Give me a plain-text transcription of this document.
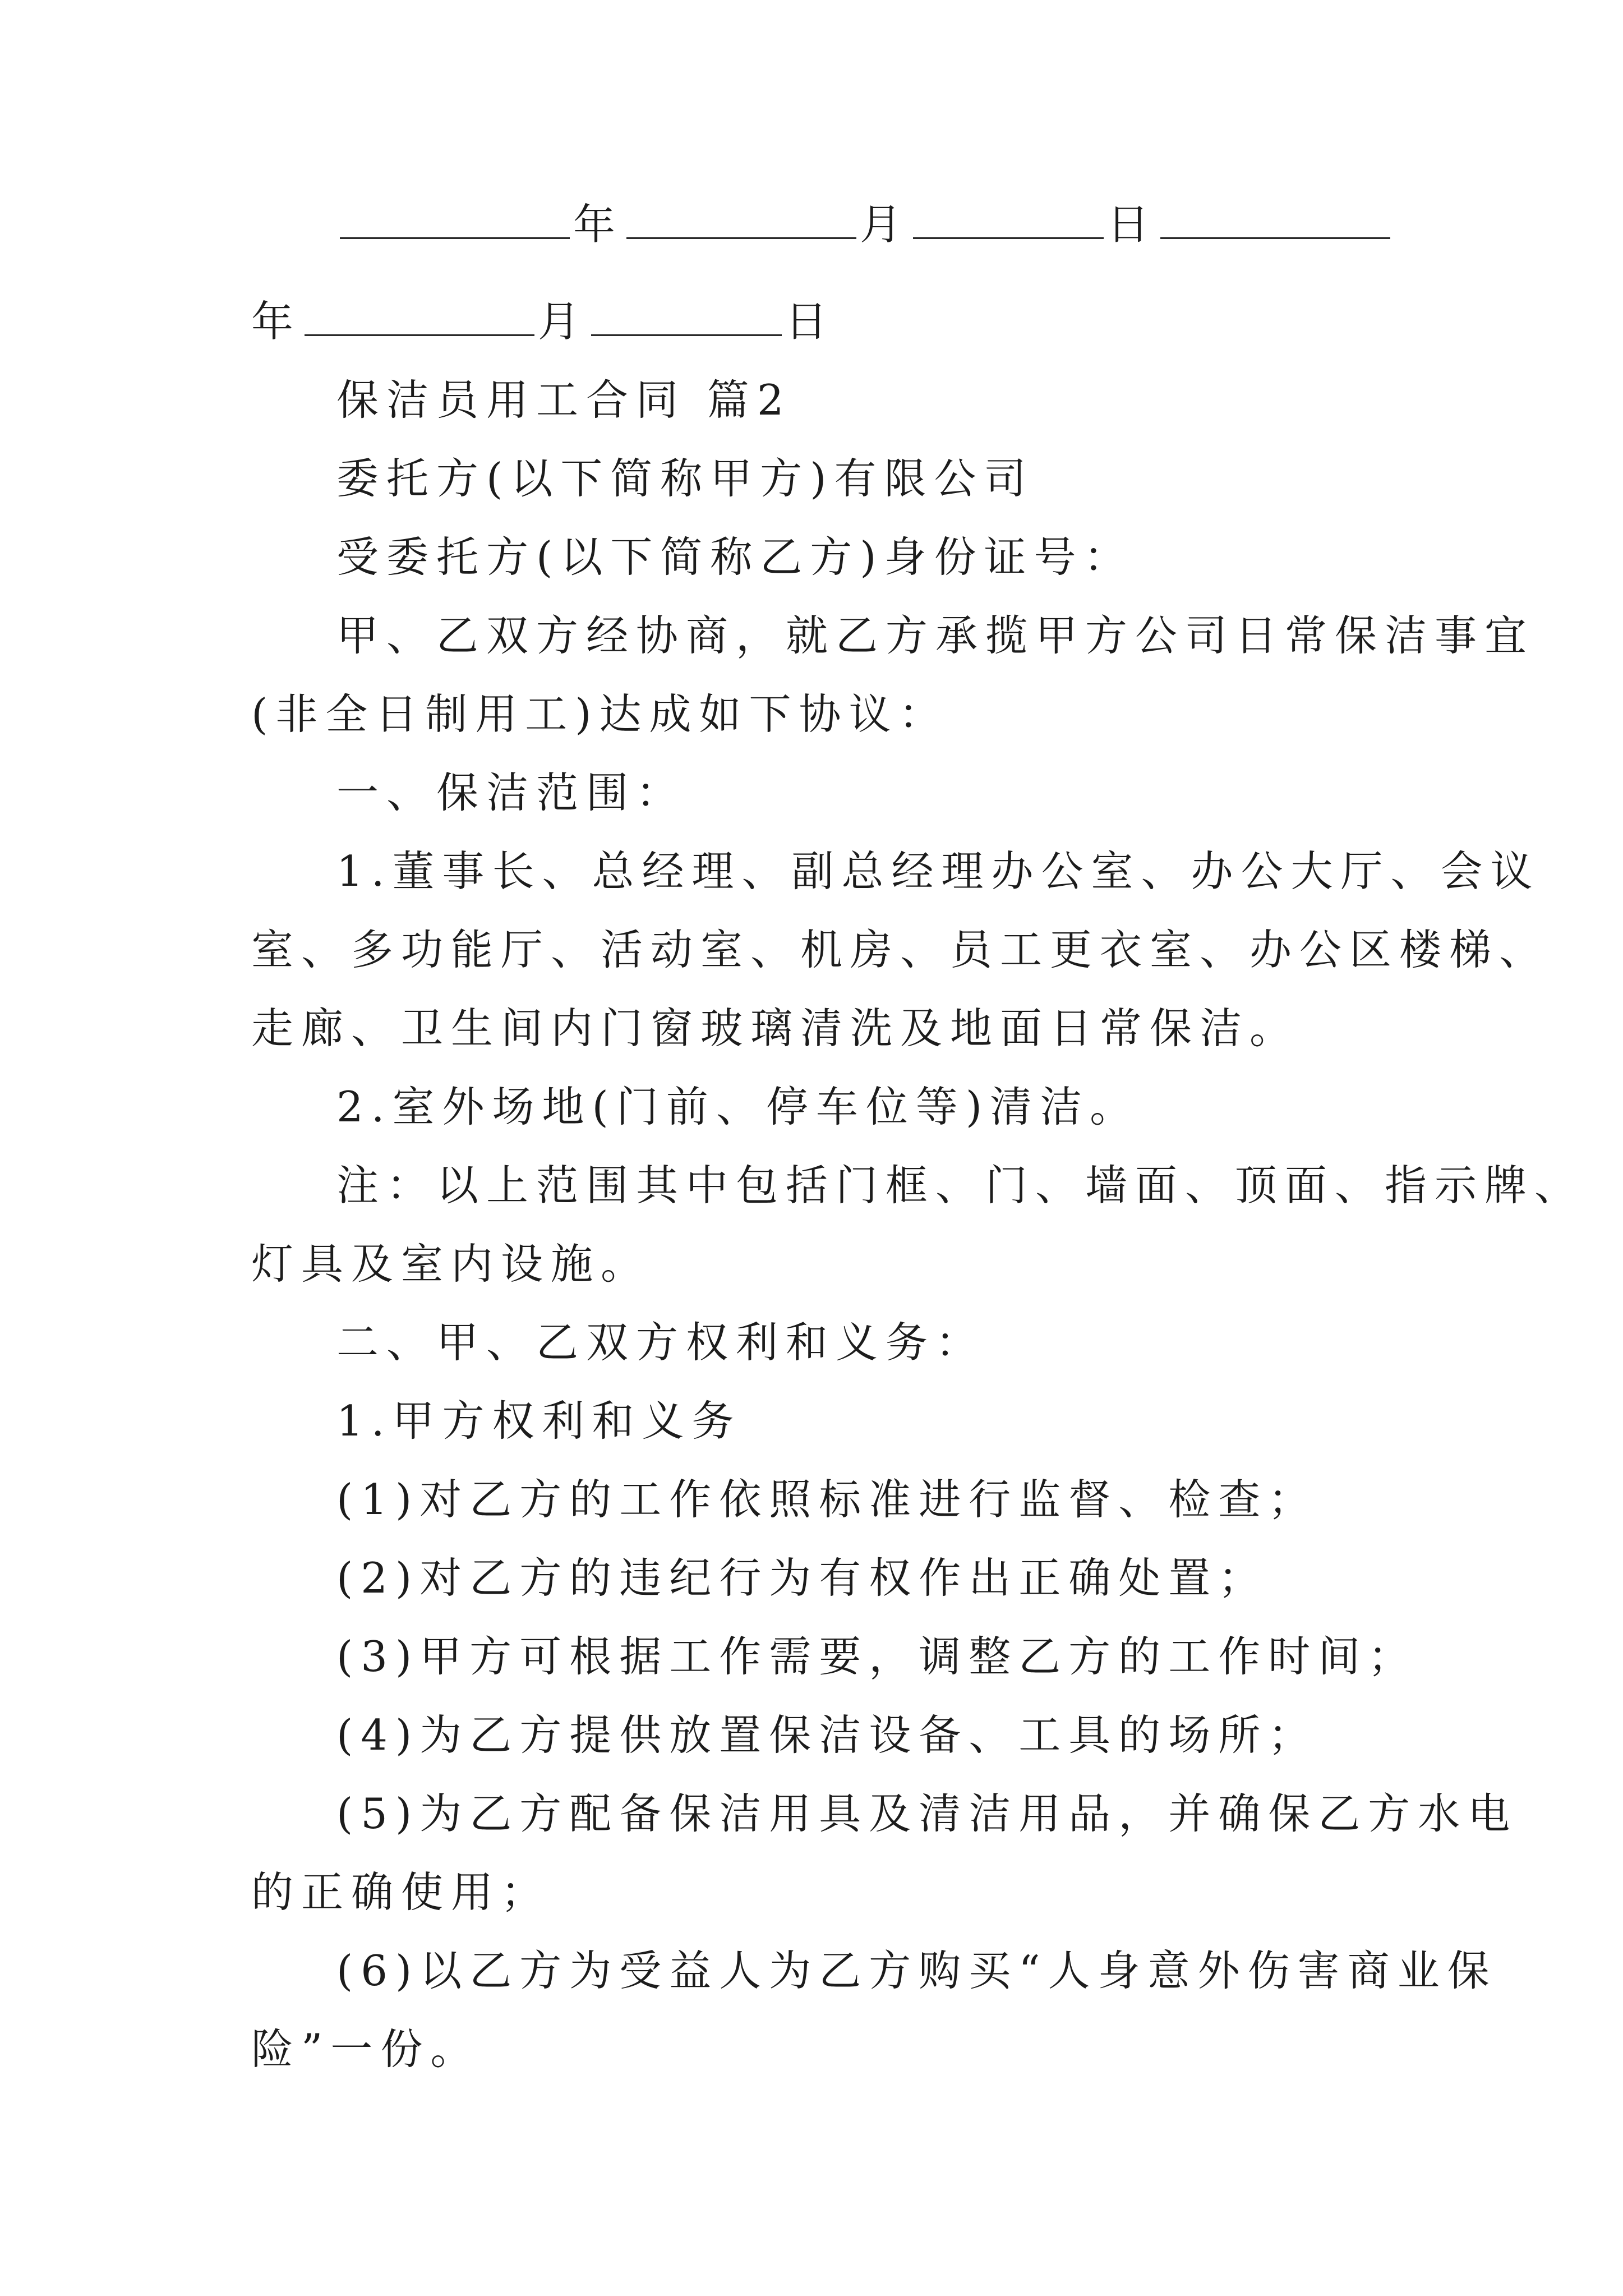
年	月	日
年	月	日
保洁员用工合同 篇2
委托方(以下简称甲方)有限公司
受委托方(以下简称乙方)身份证号：
甲、乙双方经协商，就乙方承揽甲方公司日常保洁事宜
(非全日制用工)达成如下协议：
一、保洁范围：
1.董事长、总经理、副总经理办公室、办公大厅、会议
室、多功能厅、活动室、机房、员工更衣室、办公区楼梯、
走廊、卫生间内门窗玻璃清洗及地面日常保洁。
2.室外场地(门前、停车位等)清洁。
注：以上范围其中包括门框、门、墙面、顶面、指示牌、
灯具及室内设施。
二、甲、乙双方权利和义务：
1.甲方权利和义务
(1)对乙方的工作依照标准进行监督、检查；
(2)对乙方的违纪行为有权作出正确处置；
(3)甲方可根据工作需要，调整乙方的工作时间；
(4)为乙方提供放置保洁设备、工具的场所；
(5)为乙方配备保洁用具及清洁用品，并确保乙方水电
的正确使用；
(6)以乙方为受益人为乙方购买“人身意外伤害商业保
险”一份。
